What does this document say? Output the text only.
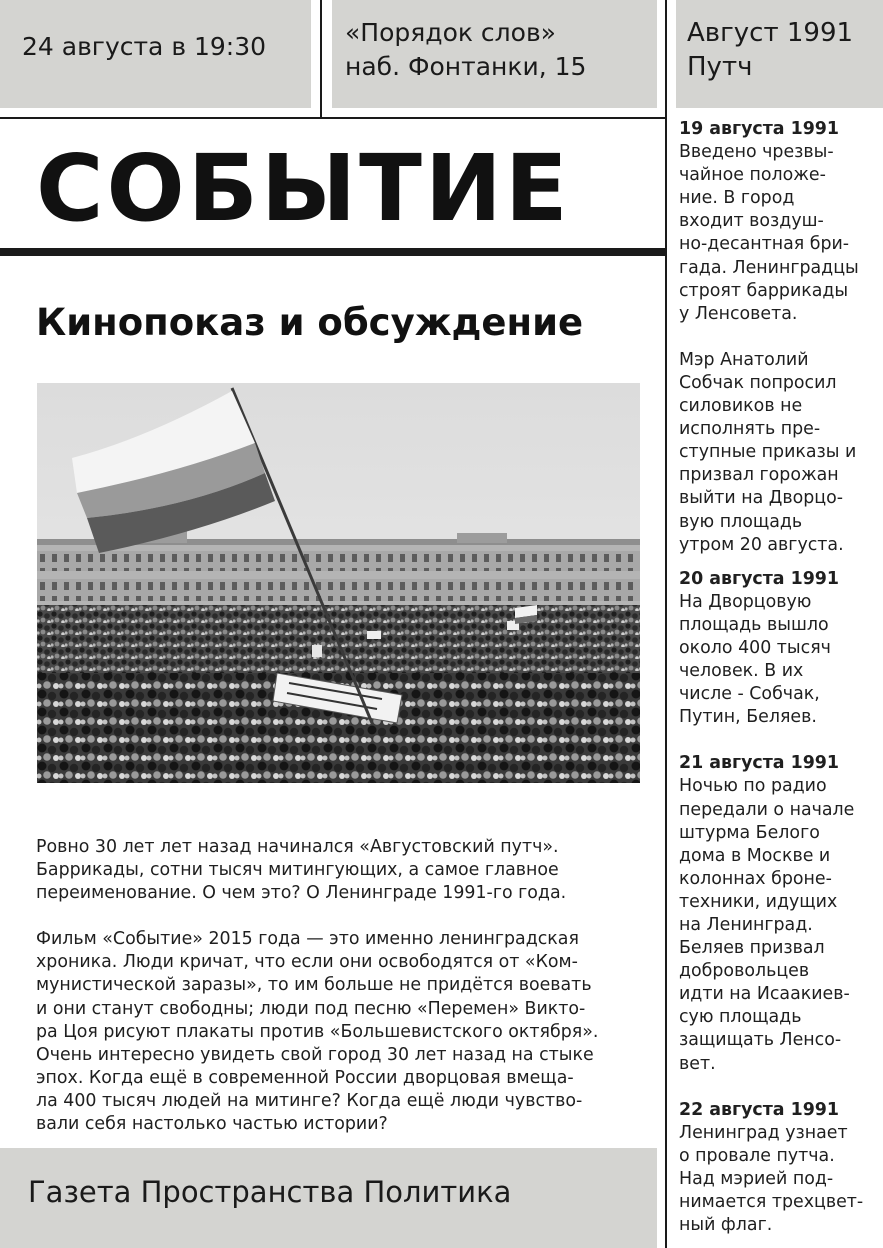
24 августа в 19:30	«Порядок слов»
наб. Фонтанки, 15
Август 1991
Путч
СОБЫТИЕ
Кинопоказ и обсуждение

Ровно 30 лет лет назад начинался «Августовский путч».
Баррикады, сотни тысяч митингующих, а самое главное
переименование. О чем это? О Ленинграде 1991-го года.

Фильм «Событие» 2015 года — это именно ленинградская
хроника. Люди кричат, что если они освободятся от «Ком-
мунистической заразы», то им больше не придётся воевать
и они станут свободны; люди под песню «Перемен» Викто-
ра Цоя рисуют плакаты против «Большевистского октября».
Очень интересно увидеть свой город 30 лет назад на стыке
эпох. Когда ещё в современной России дворцовая вмеща-
ла 400 тысяч людей на митинге? Когда ещё люди чувство-
вали себя настолько частью истории?

Газета Пространства Политика
19 августа 1991
Введено чрезвы-
чайное положе-
ние. В город
входит воздуш-
но-десантная бри-
гада. Ленинградцы
строят баррикады
у Ленсовета.
Мэр Анатолий
Собчак попросил
силовиков не
исполнять пре-
ступные приказы и
призвал горожан
выйти на Дворцо-
вую площадь
утром 20 августа.
20 августа 1991
На Дворцовую
площадь вышло
около 400 тысяч
человек. В их
числе - Собчак,
Путин, Беляев.
21 августа 1991
Ночью по радио
передали о начале
штурма Белого
дома в Москве и
колоннах броне-
техники, идущих
на Ленинград.
Беляев призвал
добровольцев
идти на Исаакиев-
сую площадь
защищать Ленсо-
вет.
22 августа 1991
Ленинград узнает
о провале путча.
Над мэрией под-
нимается трехцвет-
ный флаг.
